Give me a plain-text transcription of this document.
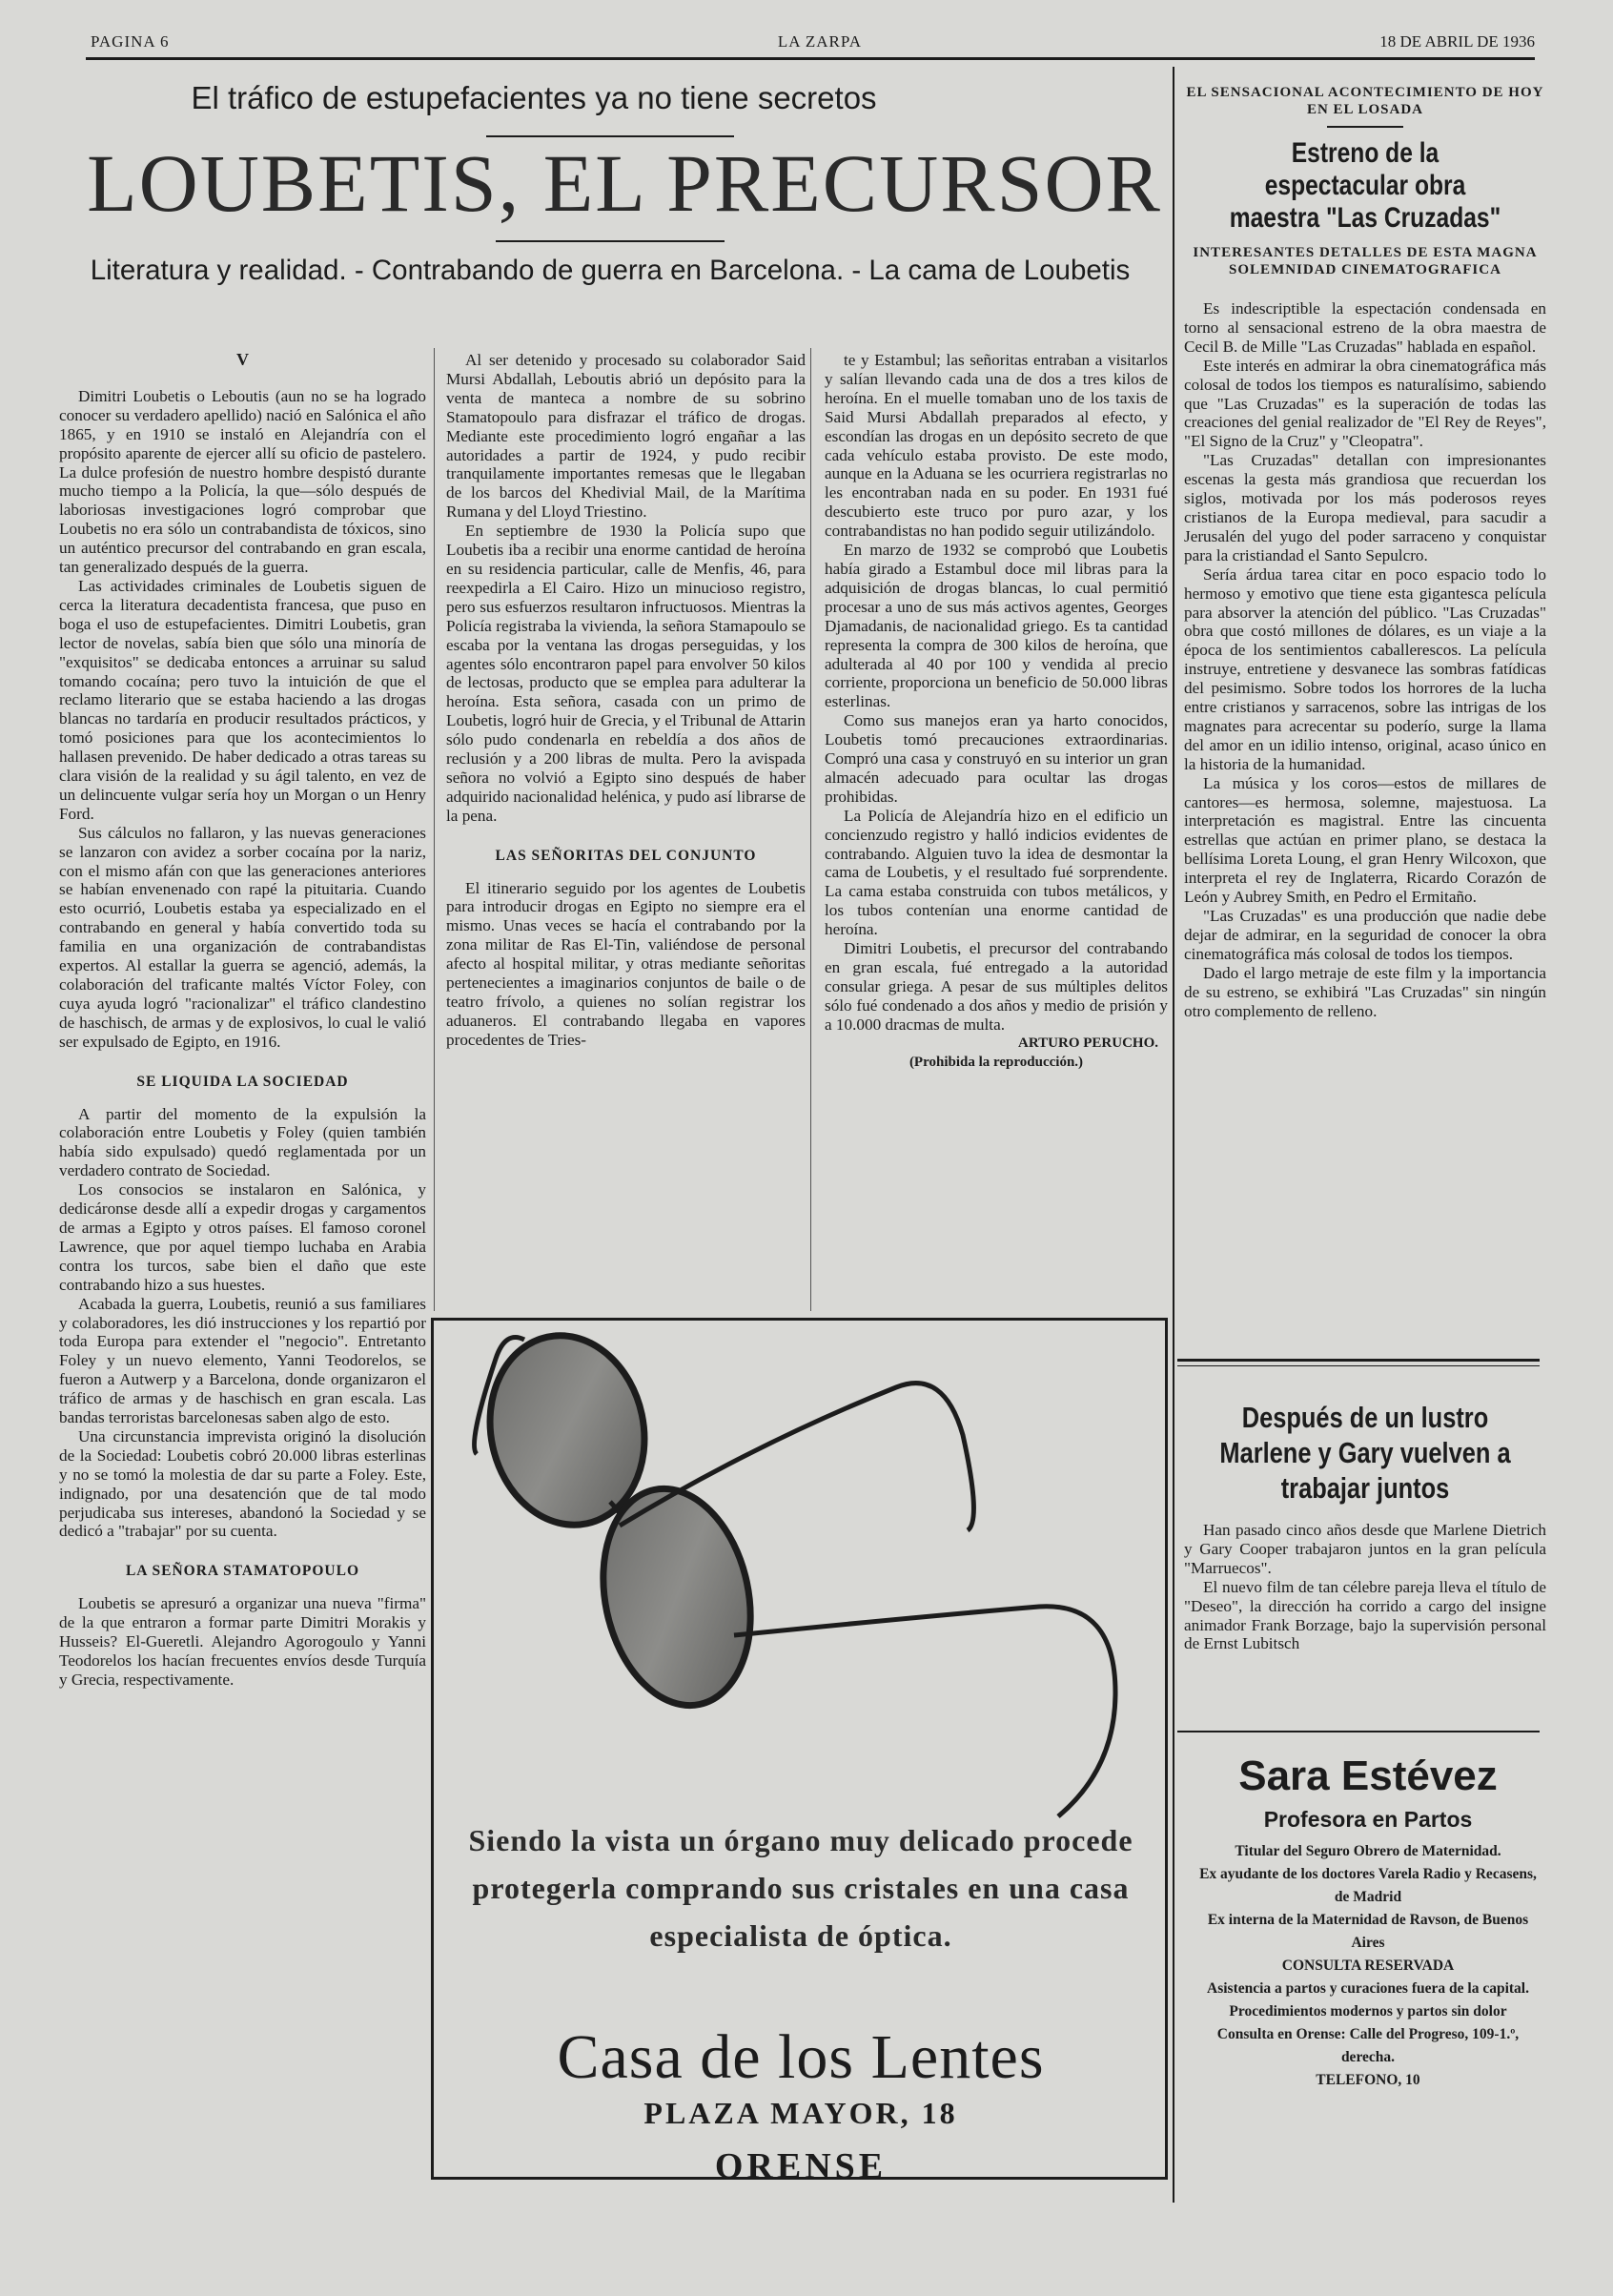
PAGINA 6	LA ZARPA	18 DE ABRIL DE 1936
El tráfico de estupefacientes ya no tiene secretos
LOUBETIS, EL PRECURSOR
Literatura y realidad. - Contrabando de guerra en Barcelona. - La cama de Loubetis
V

Dimitri Loubetis o Leboutis (aun no se ha logrado conocer su verdadero apellido) nació en Salónica el año 1865, y en 1910 se instaló en Alejandría con el propósito aparente de ejercer allí su oficio de pastelero. La dulce profesión de nuestro hombre despistó durante mucho tiempo a la Policía, la que—sólo después de laboriosas investigaciones logró comprobar que Loubetis no era sólo un contrabandista de tóxicos, sino un auténtico precursor del contrabando en gran escala, tan generalizado después de la guerra.

Las actividades criminales de Loubetis siguen de cerca la literatura decadentista francesa, que puso en boga el uso de estupefacientes. Dimitri Loubetis, gran lector de novelas, sabía bien que sólo una minoría de "exquisitos" se dedicaba entonces a arruinar su salud tomando cocaína; pero tuvo la intuición de que el reclamo literario que se estaba haciendo a las drogas blancas no tardaría en producir resultados prácticos, y tomó posiciones para que los acontecimientos lo hallasen prevenido. De haber dedicado a otras tareas su clara visión de la realidad y su ágil talento, en vez de un delincuente vulgar sería hoy un Morgan o un Henry Ford.

Sus cálculos no fallaron, y las nuevas generaciones se lanzaron con avidez a sorber cocaína por la nariz, con el mismo afán con que las generaciones anteriores se habían envenenado con rapé la pituitaria. Cuando esto ocurrió, Loubetis estaba ya especializado en el contrabando en general y había convertido toda su familia en una organización de contrabandistas expertos. Al estallar la guerra se agenció, además, la colaboración del traficante maltés Víctor Foley, con cuya ayuda logró "racionalizar" el tráfico clandestino de haschisch, de armas y de explosivos, lo cual le valió ser expulsado de Egipto, en 1916.

SE LIQUIDA LA SOCIEDAD

A partir del momento de la expulsión la colaboración entre Loubetis y Foley (quien también había sido expulsado) quedó reglamentada por un verdadero contrato de Sociedad.

Los consocios se instalaron en Salónica, y dedicáronse desde allí a expedir drogas y cargamentos de armas a Egipto y otros países. El famoso coronel Lawrence, que por aquel tiempo luchaba en Arabia contra los turcos, sabe bien el daño que este contrabando hizo a sus huestes.

Acabada la guerra, Loubetis, reunió a sus familiares y colaboradores, les dió instrucciones y los repartió por toda Europa para extender el "negocio". Entretanto Foley y un nuevo elemento, Yanni Teodorelos, se fueron a Autwerp y a Barcelona, donde organizaron el tráfico de armas y de haschisch en gran escala. Las bandas terroristas barcelonesas saben algo de esto.

Una circunstancia imprevista originó la disolución de la Sociedad: Loubetis cobró 20.000 libras esterlinas y no se tomó la molestia de dar su parte a Foley. Este, indignado, por una desatención que de tal modo perjudicaba sus intereses, abandonó la Sociedad y se dedicó a "trabajar" por su cuenta.

LA SEÑORA STAMATOPOULO

Loubetis se apresuró a organizar una nueva "firma" de la que entraron a formar parte Dimitri Morakis y Husseis? El-Gueretli. Alejandro Agorogoulo y Yanni Teodorelos los hacían frecuentes envíos desde Turquía y Grecia, respectivamente.

Al ser detenido y procesado su colaborador Said Mursi Abdallah, Leboutis abrió un depósito para la venta de manteca a nombre de su sobrino Stamatopoulo para disfrazar el tráfico de drogas. Mediante este procedimiento logró engañar a las autoridades a partir de 1924, y pudo recibir tranquilamente importantes remesas que le llegaban de los barcos del Khedivial Mail, de la Marítima Rumana y del Lloyd Triestino.

En septiembre de 1930 la Policía supo que Loubetis iba a recibir una enorme cantidad de heroína en su residencia particular, calle de Menfis, 46, para reexpedirla a El Cairo. Hizo un minucioso registro, pero sus esfuerzos resultaron infructuosos. Mientras la Policía registraba la vivienda, la señora Stamapoulo se escaba por la ventana las drogas perseguidas, y los agentes sólo encontraron papel para envolver 50 kilos de lectosas, producto que se emplea para adulterar la heroína. Esta señora, casada con un primo de Loubetis, logró huir de Grecia, y el Tribunal de Attarin sólo pudo condenarla en rebeldía a dos años de reclusión y a 200 libras de multa. Pero la avispada señora no volvió a Egipto sino después de haber adquirido nacionalidad helénica, y pudo así librarse de la pena.

LAS SEÑORITAS DEL CONJUNTO

El itinerario seguido por los agentes de Loubetis para introducir drogas en Egipto no siempre era el mismo. Unas veces se hacía el contrabando por la zona militar de Ras El-Tin, valiéndose de personal afecto al hospital militar, y otras mediante señoritas pertenecientes a imaginarios conjuntos de baile o de teatro frívolo, a quienes no solían registrar los aduaneros. El contrabando llegaba en vapores procedentes de Tries-

te y Estambul; las señoritas entraban a visitarlos y salían llevando cada una de dos a tres kilos de heroína. En el muelle tomaban uno de los taxis de Said Mursi Abdallah preparados al efecto, y escondían las drogas en un depósito secreto de que cada vehículo estaba provisto. De este modo, aunque en la Aduana se les ocurriera registrarlas no les encontraban nada en su poder. En 1931 fué descubierto este truco por puro azar, y los contrabandistas no han podido seguir utilizándolo.

En marzo de 1932 se comprobó que Loubetis había girado a Estambul doce mil libras para la adquisición de drogas blancas, lo cual permitió procesar a uno de sus más activos agentes, Georges Djamadanis, de nacionalidad griego. Es ta cantidad representa la compra de 300 kilos de heroína, que adulterada al 40 por 100 y vendida al precio corriente, proporciona un beneficio de 50.000 libras esterlinas.

Como sus manejos eran ya harto conocidos, Loubetis tomó precauciones extraordinarias. Compró una casa y construyó en su interior un gran almacén adecuado para ocultar las drogas prohibidas.

La Policía de Alejandría hizo en el edificio un concienzudo registro y halló indicios evidentes de contrabando. Alguien tuvo la idea de desmontar la cama de Loubetis, y el resultado fué sorprendente. La cama estaba construida con tubos metálicos, y los tubos contenían una enorme cantidad de heroína.

Dimitri Loubetis, el precursor del contrabando en gran escala, fué entregado a la autoridad consular griega. A pesar de sus múltiples delitos sólo fué condenado a dos años y medio de prisión y a 10.000 dracmas de multa.

ARTURO PERUCHO.
(Prohibida la reproducción.)
Siendo la vista un órgano muy delicado procede protegerla comprando sus cristales en una casa especialista de óptica.
Casa de los Lentes
PLAZA MAYOR, 18
ORENSE
EL SENSACIONAL ACONTECIMIENTO DE HOY EN EL LOSADA
Estreno de la espectacular obra maestra "Las Cruzadas"
INTERESANTES DETALLES DE ESTA MAGNA SOLEMNIDAD CINEMATOGRAFICA

Es indescriptible la espectación condensada en torno al sensacional estreno de la obra maestra de Cecil B. de Mille "Las Cruzadas" hablada en español.

Este interés en admirar la obra cinematográfica más colosal de todos los tiempos es naturalísimo, sabiendo que "Las Cruzadas" es la superación de todas las creaciones del genial realizador de "El Rey de Reyes", "El Signo de la Cruz" y "Cleopatra".

"Las Cruzadas" detallan con impresionantes escenas la gesta más grandiosa que recuerdan los siglos, motivada por los más poderosos reyes cristianos de la Europa medieval, para sacudir a Jerusalén del yugo del poder sarraceno y conquistar para la cristiandad el Santo Sepulcro.

Sería árdua tarea citar en poco espacio todo lo hermoso y emotivo que tiene esta gigantesca película para absorver la atención del público. "Las Cruzadas" obra que costó millones de dólares, es un viaje a la época de los sentimientos caballerescos. La película instruye, entretiene y desvanece las sombras fatídicas del pesimismo. Sobre todos los horrores de la lucha entre cristianos y sarracenos, sobre las intrigas de los magnates para acrecentar su poderío, surge la llama del amor en un idilio intenso, original, acaso único en la historia de la humanidad.

La música y los coros—estos de millares de cantores—es hermosa, solemne, majestuosa. La interpretación es magistral. Entre las cincuenta estrellas que actúan en primer plano, se destaca la bellísima Loreta Loung, el gran Henry Wilcoxon, que interpreta el rey de Inglaterra, Ricardo Corazón de León y Aubrey Smith, en Pedro el Ermitaño.

"Las Cruzadas" es una producción que nadie debe dejar de admirar, en la seguridad de conocer la obra cinematográfica más colosal de todos los tiempos.

Dado el largo metraje de este film y la importancia de su estreno, se exhibirá "Las Cruzadas" sin ningún otro complemento de relleno.

Después de un lustro Marlene y Gary vuelven a trabajar juntos

Han pasado cinco años desde que Marlene Dietrich y Gary Cooper trabajaron juntos en la gran película "Marruecos".

El nuevo film de tan célebre pareja lleva el título de "Deseo", la dirección ha corrido a cargo del insigne animador Frank Borzage, bajo la supervisión personal de Ernst Lubitsch

Sara Estévez
Profesora en Partos
Titular del Seguro Obrero de Maternidad.
Ex ayudante de los doctores Varela Radio y Recasens, de Madrid
Ex interna de la Maternidad de Ravson, de Buenos Aires
CONSULTA RESERVADA
Asistencia a partos y curaciones fuera de la capital.
Procedimientos modernos y partos sin dolor
Consulta en Orense: Calle del Progreso, 109-1.º, derecha.
TELEFONO, 10
